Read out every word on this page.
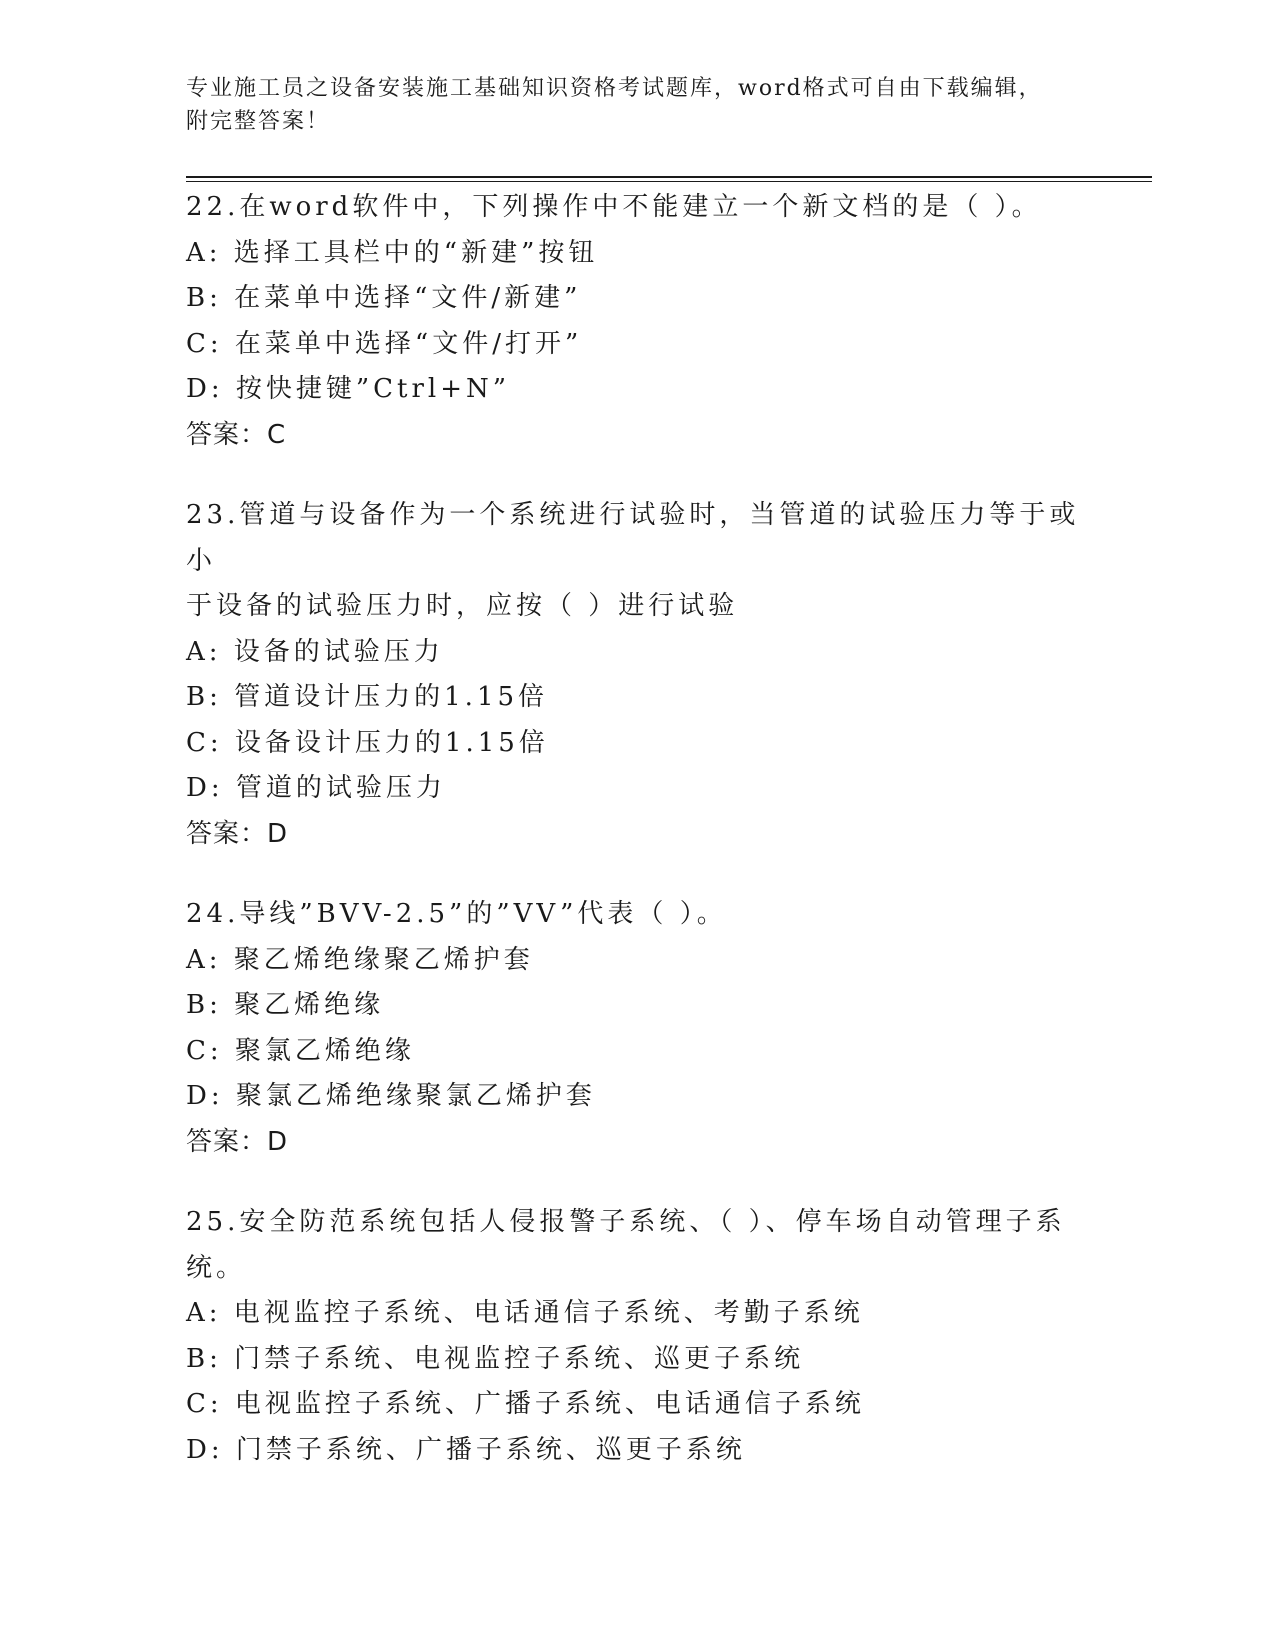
专业施工员之设备安装施工基础知识资格考试题库，word格式可自由下载编辑，
附完整答案！
22.在word软件中，下列操作中不能建立一个新文档的是（ ）。
A: 选择工具栏中的“新建”按钮
B: 在菜单中选择“文件/新建”
C: 在菜单中选择“文件/打开”
D: 按快捷键”Ctrl+N”
答案：C
23.管道与设备作为一个系统进行试验时，当管道的试验压力等于或小
于设备的试验压力时，应按（ ）进行试验
A: 设备的试验压力
B: 管道设计压力的1.15倍
C: 设备设计压力的1.15倍
D: 管道的试验压力
答案：D
24.导线”BVV-2.5”的”VV”代表（ ）。
A: 聚乙烯绝缘聚乙烯护套
B: 聚乙烯绝缘
C: 聚氯乙烯绝缘
D: 聚氯乙烯绝缘聚氯乙烯护套
答案：D
25.安全防范系统包括人侵报警子系统、（ ）、停车场自动管理子系
统。
A: 电视监控子系统、电话通信子系统、考勤子系统
B: 门禁子系统、电视监控子系统、巡更子系统
C: 电视监控子系统、广播子系统、电话通信子系统
D: 门禁子系统、广播子系统、巡更子系统
